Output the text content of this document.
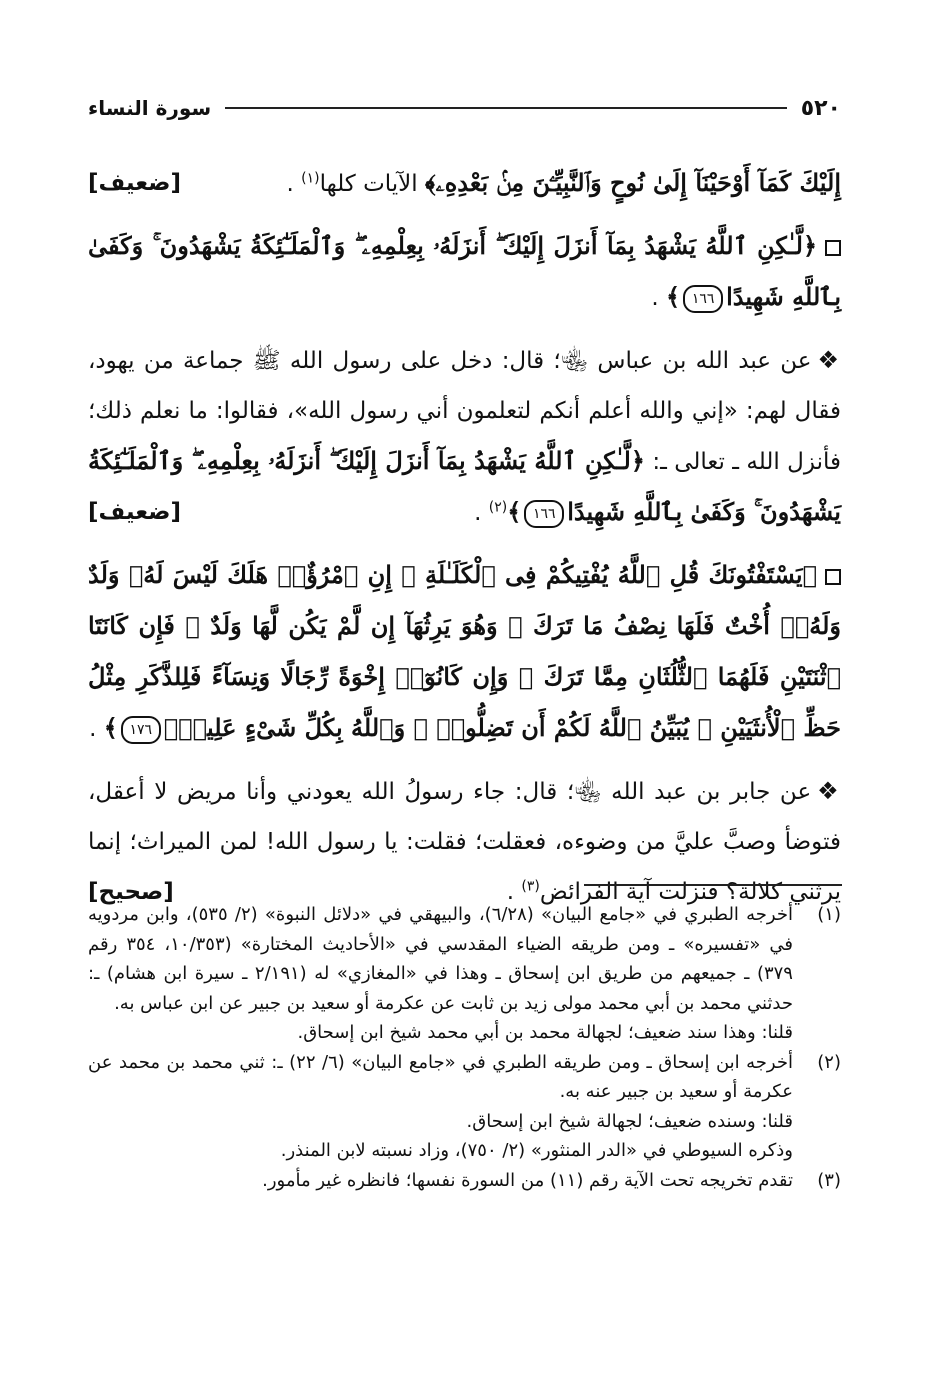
٥٢٠
سورة النساء

[ضعيف]	إِلَيْكَ كَمَآ أَوْحَيْنَآ إِلَىٰ نُوحٍ وَٱلنَّبِيِّـۧنَ مِنۢ بَعْدِهِۦ﴾ الآيات كلها$^{(١)}$ .

﴿لَّـٰكِنِ ٱللَّهُ يَشْهَدُ بِمَآ أَنزَلَ إِلَيْكَ ۖ أَنزَلَهُۥ بِعِلْمِهِۦ ۖ وَٱلْمَلَـٰٓئِكَةُ يَشْهَدُونَ ۚ وَكَفَىٰ بِٱللَّهِ شَهِيدًا١٦٦﴾ .

❖عن عبد الله بن عباس ﵄؛ قال: دخل على رسول الله ﷺ جماعة من يهود، فقال لهم: «إني والله أعلم أنكم لتعلمون أني رسول الله»، فقالوا: ما نعلم ذلك؛ فأنزل الله ـ تعالى ـ: ﴿لَّـٰكِنِ ٱللَّهُ يَشْهَدُ بِمَآ أَنزَلَ إِلَيْكَ ۖ أَنزَلَهُۥ بِعِلْمِهِۦ ۖ وَٱلْمَلَـٰٓئِكَةُ يَشْهَدُونَ ۚ وَكَفَىٰ بِٱللَّهِ شَهِيدًا١٦٦﴾$^{(٢)}$ .
[ضعيف]

﴿يَسْتَفْتُونَكَ قُلِ ٱللَّهُ يُفْتِيكُمْ فِى ٱلْكَلَـٰلَةِ ۚ إِنِ ٱمْرُؤٌا۟ هَلَكَ لَيْسَ لَهُۥ وَلَدٌ وَلَهُۥٓ أُخْتٌ فَلَهَا نِصْفُ مَا تَرَكَ ۚ وَهُوَ يَرِثُهَآ إِن لَّمْ يَكُن لَّهَا وَلَدٌ ۚ فَإِن كَانَتَا ٱثْنَتَيْنِ فَلَهُمَا ٱلثُّلُثَانِ مِمَّا تَرَكَ ۚ وَإِن كَانُوٓا۟ إِخْوَةً رِّجَالًا وَنِسَآءً فَلِلذَّكَرِ مِثْلُ حَظِّ ٱلْأُنثَيَيْنِ ۗ يُبَيِّنُ ٱللَّهُ لَكُمْ أَن تَضِلُّوا۟ ۗ وَٱللَّهُ بِكُلِّ شَىْءٍ عَلِيمٌۢ١٧٦﴾ .

❖عن جابر بن عبد الله ﵄؛ قال: جاء رسولُ الله يعودني وأنا مريض لا أعقل، فتوضأ وصبَّ عليَّ من وضوءه، فعقلت؛ فقلت: يا رسول الله! لمن الميراث؛ إنما يرثني كلالة؟ فنزلت آية الفرائض$^{(٣)}$ .
[صحيح]

(١)
أخرجه الطبري في «جامع البيان» (٦/٢٨)، والبيهقي في «دلائل النبوة» (٢/ ٥٣٥)، وابن مردويه في «تفسيره» ـ ومن طريقه الضياء المقدسي في «الأحاديث المختارة» (١٠/٣٥٣، ٣٥٤ رقم ٣٧٩) ـ جميعهم من طريق ابن إسحاق ـ وهذا في «المغازي» له (٢/١٩١ ـ سيرة ابن هشام) ـ: حدثني محمد بن أبي محمد مولى زيد بن ثابت عن عكرمة أو سعيد بن جبير عن ابن عباس به.
قلنا: وهذا سند ضعيف؛ لجهالة محمد بن أبي محمد شيخ ابن إسحاق.
(٢)
أخرجه ابن إسحاق ـ ومن طريقه الطبري في «جامع البيان» (٦/ ٢٢) ـ: ثني محمد بن محمد عن عكرمة أو سعيد بن جبير عنه به.
قلنا: وسنده ضعيف؛ لجهالة شيخ ابن إسحاق.
وذكره السيوطي في «الدر المنثور» (٢/ ٧٥٠)، وزاد نسبته لابن المنذر.
(٣)
تقدم تخريجه تحت الآية رقم (١١) من السورة نفسها؛ فانظره غير مأمور.
